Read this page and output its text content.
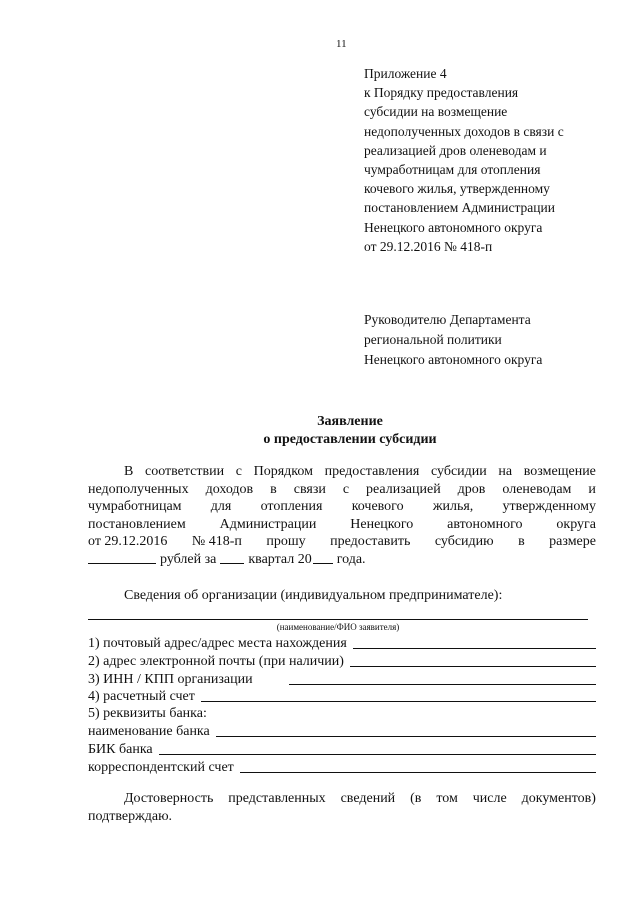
11
Приложение 4
к Порядку предоставления
субсидии на возмещение
недополученных доходов в связи с
реализацией дров оленеводам и
чумработницам для отопления
кочевого жилья, утвержденному
постановлением Администрации
Ненецкого автономного округа
от 29.12.2016 № 418-п
Руководителю Департамента
региональной политики
Ненецкого автономного округа
Заявление
о предоставлении субсидии
В соответствии с Порядком предоставления субсидии на возмещение
недополученных доходов в связи с реализацией дров оленеводам и
чумработницам для отопления кочевого жилья, утвержденному
постановлением Администрации Ненецкого автономного округа
от 29.12.2016 № 418-п прошу предоставить субсидию в размере
рублей за квартал 20 года.
Сведения об организации (индивидуальном предпринимателе):
(наименование/ФИО заявителя)
1) почтовый адрес/адрес места нахождения
2) адрес электронной почты (при наличии)
3) ИНН / КПП организации
4) расчетный счет
5) реквизиты банка:
наименование банка
БИК банка
корреспондентский счет
Достоверность представленных сведений (в том числе документов)
подтверждаю.
